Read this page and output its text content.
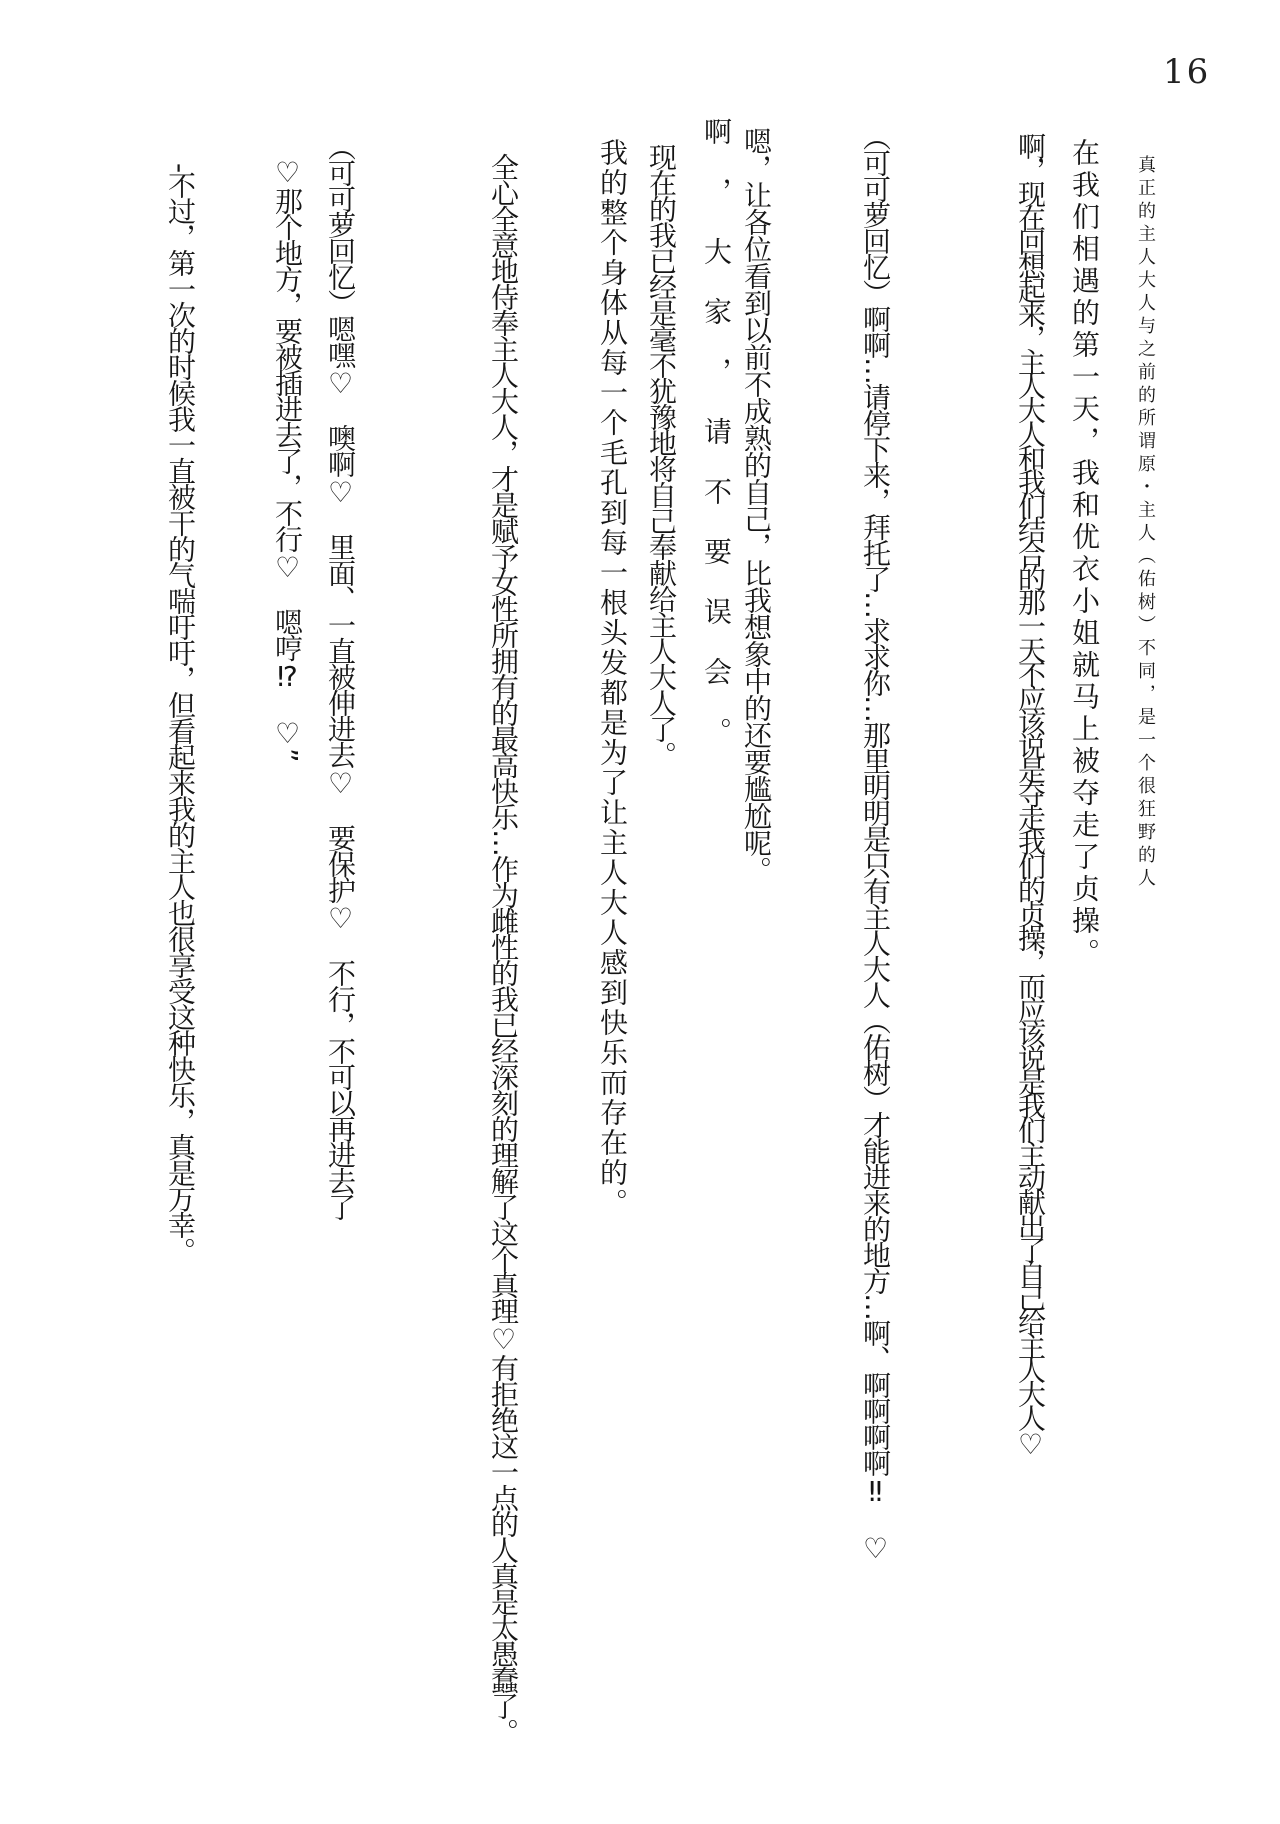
16
真正的主人大人与之前的所谓原・主人（佑树）不同，是一个很狂野的人
在我们相遇的第一天，我和优衣小姐就马上被夺走了贞操。
啊，现在回想起来，主人大人和我们结合的那一天不应该说是夺走我们的贞操，而应该说是我们主动献出了自己给主人大人♡
（可可萝回忆）啊啊…请停下来，拜托了…求求你…那里明明是只有主人大人（佑树）才能进来的地方…啊、啊啊啊啊‼　♡
嗯，让各位看到以前不成熟的自己，比我想象中的还要尴尬呢。
啊，大家，请不要误会。
现在的我已经是毫不犹豫地将自己奉献给主人大人了。
我的整个身体从每一个毛孔到每一根头发都是为了让主人大人感到快乐而存在的。
全心全意地侍奉主人大人，才是赋予女性所拥有的最高快乐…作为雌性的我已经深刻的理解了这个真理♡有拒绝这一点的人真是太愚蠢了。
（可可萝回忆）嗯嘿♡　噢啊♡　里面、一直被伸进去♡　要保护♡　不行，不可以再进去了
♡那个地方，要被插进去了，不行♡　嗯哼⁉　♡”
-不过，第一次的时候我一直被干的气喘吁吁，但看起来我的主人也很享受这种快乐，真是万幸。
